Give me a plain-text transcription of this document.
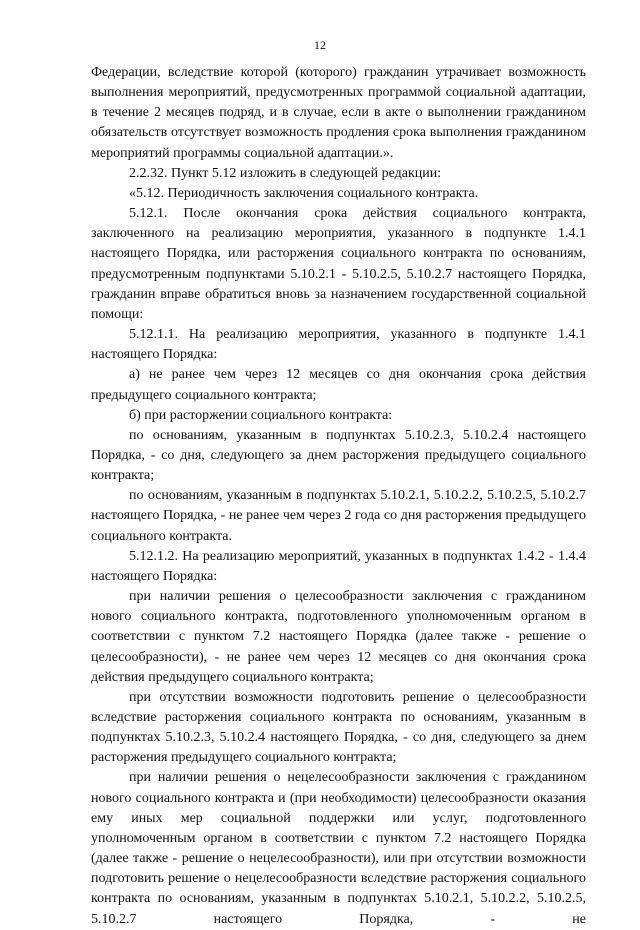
12

Федерации, вследствие которой (которого) гражданин утрачивает возможность выполнения мероприятий, предусмотренных программой социальной адаптации, в течение 2 месяцев подряд, и в случае, если в акте о выполнении гражданином обязательств отсутствует возможность продления срока выполнения гражданином мероприятий программы социальной адаптации.».

2.2.32. Пункт 5.12 изложить в следующей редакции:

«5.12. Периодичность заключения социального контракта.

5.12.1. После окончания срока действия социального контракта, заключенного на реализацию мероприятия, указанного в подпункте 1.4.1 настоящего Порядка, или расторжения социального контракта по основаниям, предусмотренным подпунктами 5.10.2.1 - 5.10.2.5, 5.10.2.7 настоящего Порядка, гражданин вправе обратиться вновь за назначением государственной социальной помощи:

5.12.1.1. На реализацию мероприятия, указанного в подпункте 1.4.1 настоящего Порядка:

а) не ранее чем через 12 месяцев со дня окончания срока действия предыдущего социального контракта;

б) при расторжении социального контракта:

по основаниям, указанным в подпунктах 5.10.2.3, 5.10.2.4 настоящего Порядка, - со дня, следующего за днем расторжения предыдущего социального контракта;

по основаниям, указанным в подпунктах 5.10.2.1, 5.10.2.2, 5.10.2.5, 5.10.2.7 настоящего Порядка, - не ранее чем через 2 года со дня расторжения предыдущего социального контракта.

5.12.1.2. На реализацию мероприятий, указанных в подпунктах 1.4.2 - 1.4.4 настоящего Порядка:

при наличии решения о целесообразности заключения с гражданином нового социального контракта, подготовленного уполномоченным органом в соответствии с пунктом 7.2 настоящего Порядка (далее также - решение о целесообразности), - не ранее чем через 12 месяцев со дня окончания срока действия предыдущего социального контракта;

при отсутствии возможности подготовить решение о целесообразности вследствие расторжения социального контракта по основаниям, указанным в подпунктах 5.10.2.3, 5.10.2.4 настоящего Порядка, - со дня, следующего за днем расторжения предыдущего социального контракта;

при наличии решения о нецелесообразности заключения с гражданином нового социального контракта и (при необходимости) целесообразности оказания ему иных мер социальной поддержки или услуг, подготовленного уполномоченным органом в соответствии с пунктом 7.2 настоящего Порядка (далее также - решение о нецелесообразности), или при отсутствии возможности подготовить решение о нецелесообразности вследствие расторжения социального контракта по основаниям, указанным в подпунктах 5.10.2.1, 5.10.2.2, 5.10.2.5, 5.10.2.7 настоящего Порядка, - не
